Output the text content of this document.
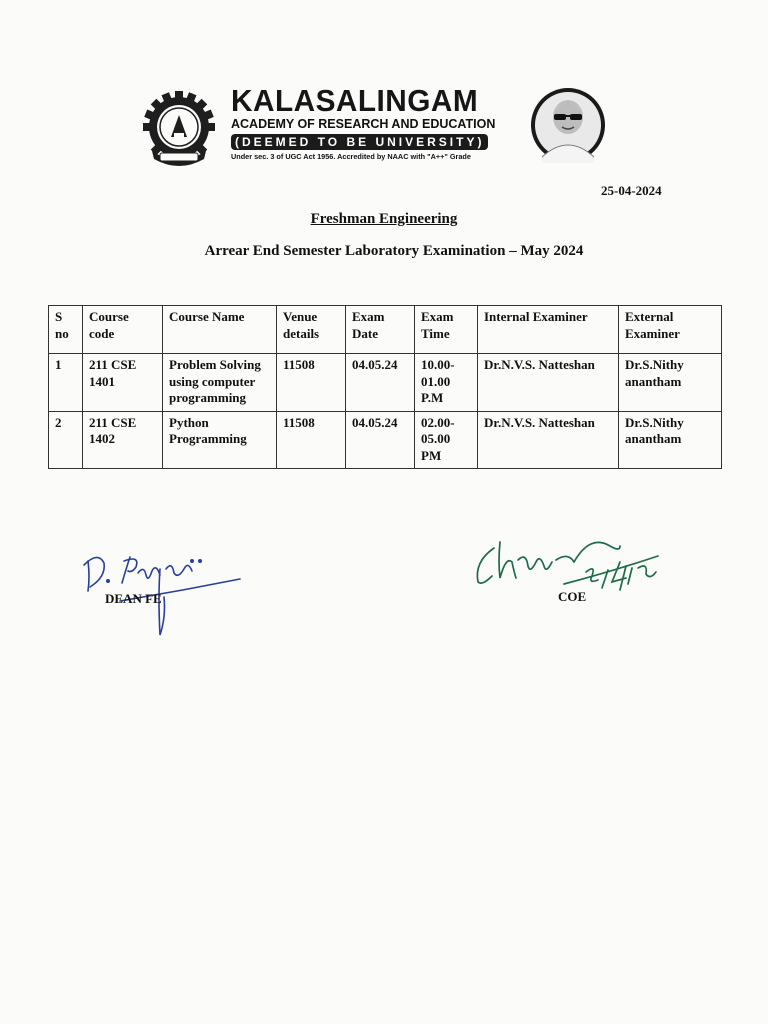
KALASALINGAM
ACADEMY OF RESEARCH AND EDUCATION
(DEEMED TO BE UNIVERSITY)
Under sec. 3 of UGC Act 1956. Accredited by NAAC with "A++" Grade
25-04-2024
Freshman Engineering
Arrear End Semester Laboratory Examination – May 2024
S no	Course code	Course Name	Venue details	Exam Date	Exam Time	Internal Examiner	External Examiner
1	211 CSE 1401	Problem Solving using computer programming	11508	04.05.24	10.00-01.00 P.M	Dr.N.V.S. Natteshan	Dr.S.Nithy anantham
2	211 CSE 1402	Python Programming	11508	04.05.24	02.00-05.00 PM	Dr.N.V.S. Natteshan	Dr.S.Nithy anantham
DEAN FE	COE
